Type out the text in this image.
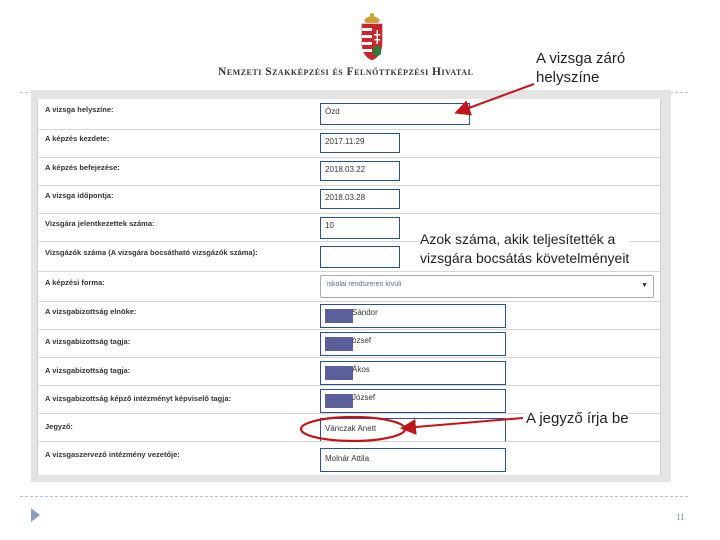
Nemzeti Szakképzési és Felnőttképzési Hivatal
A vizsga helyszíne:	Ózd
A képzés kezdete:	2017.11.29
A képzés befejezése:	2018.03.22
A vizsga időpontja:	2018.03.28
Vizsgára jelentkezettek száma:	10
Vizsgázók száma (A vizsgára bocsátható vizsgázók száma):
A képzési forma:	iskolai rendszeren kívüli	▼
A vizsgabizottság elnöke:	Sándor
A vizsgabizottság tagja:	ózsef
A vizsgabizottság tagja:	Ákos
A vizsgabizottság képző intézményt képviselő tagja:	József
Jegyző:	Vánczak Anett
A vizsgaszervező intézmény vezetője:	Molnár Attila
A vizsga záró
helyszíne
Azok száma, akik teljesítették a
vizsgára bocsátás követelményeit
A jegyző írja be
11
